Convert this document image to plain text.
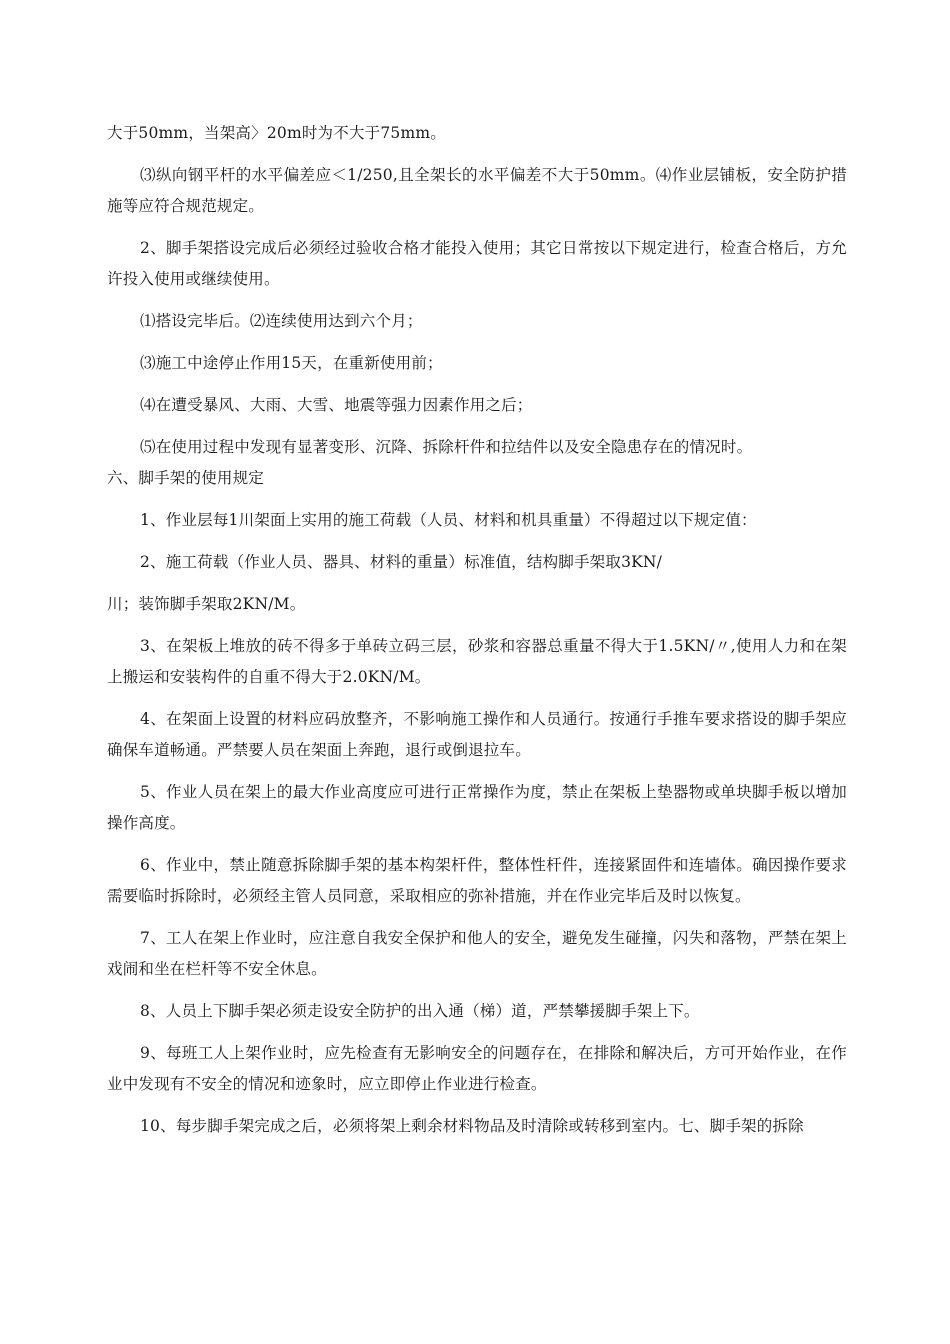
大于50mm，当架高〉20m时为不大于75mm。

⑶纵向钢平杆的水平偏差应＜1/250,且全架长的水平偏差不大于50mm。⑷作业层铺板，安全防护措施等应符合规范规定。

2、脚手架搭设完成后必须经过验收合格才能投入使用；其它日常按以下规定进行，检查合格后，方允许投入使用或继续使用。

⑴搭设完毕后。⑵连续使用达到六个月；

⑶施工中途停止作用15天，在重新使用前；

⑷在遭受暴风、大雨、大雪、地震等强力因素作用之后；

⑸在使用过程中发现有显著变形、沉降、拆除杆件和拉结件以及安全隐患存在的情况时。

六、脚手架的使用规定

1、作业层每1川架面上实用的施工荷载（人员、材料和机具重量）不得超过以下规定值：

2、施工荷载（作业人员、器具、材料的重量）标准值，结构脚手架取3KN/

川；装饰脚手架取2KN/M。

3、在架板上堆放的砖不得多于单砖立码三层，砂浆和容器总重量不得大于1.5KN/〃,使用人力和在架上搬运和安装构件的自重不得大于2.0KN/M。

4、在架面上设置的材料应码放整齐，不影响施工操作和人员通行。按通行手推车要求搭设的脚手架应确保车道畅通。严禁要人员在架面上奔跑，退行或倒退拉车。

5、作业人员在架上的最大作业高度应可进行正常操作为度，禁止在架板上垫器物或单块脚手板以增加操作高度。

6、作业中，禁止随意拆除脚手架的基本构架杆件，整体性杆件，连接紧固件和连墙体。确因操作要求需要临时拆除时，必须经主管人员同意，采取相应的弥补措施，并在作业完毕后及时以恢复。

7、工人在架上作业时，应注意自我安全保护和他人的安全，避免发生碰撞，闪失和落物，严禁在架上戏闹和坐在栏杆等不安全休息。

8、人员上下脚手架必须走设安全防护的出入通（梯）道，严禁攀援脚手架上下。

9、每班工人上架作业时，应先检查有无影响安全的问题存在，在排除和解决后，方可开始作业，在作业中发现有不安全的情况和迹象时，应立即停止作业进行检查。

10、每步脚手架完成之后，必须将架上剩余材料物品及时清除或转移到室内。七、脚手架的拆除
